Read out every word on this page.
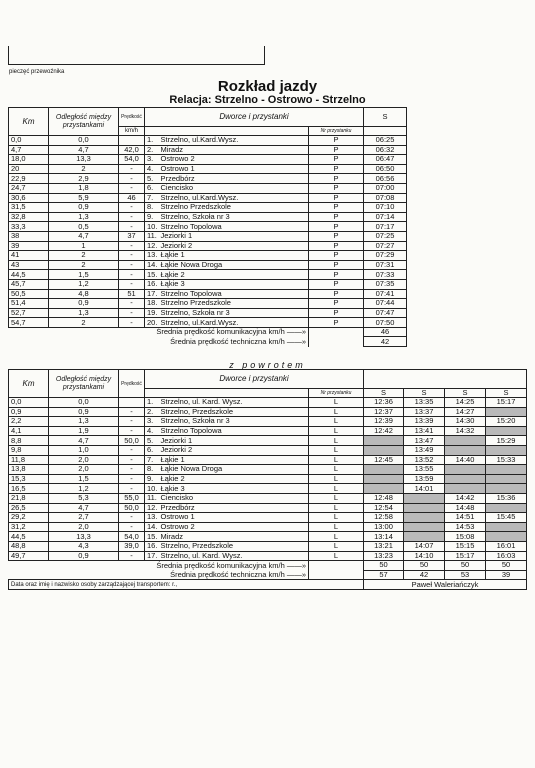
pieczęć przewoźnika
Rozkład jazdy
Relacja: Strzelno - Ostrowo - Strzelno
Km	Odległość między przystankami	Prędkość	Dworce i przystanki			S
		km/h			Nr przystanku	
0,0	0,0		1.	Strzelno, ul.Kard.Wysz.	P	06:25
4,7	4,7	42,0	2.	Miradz	P	06:32
18,0	13,3	54,0	3.	Ostrowo 2	P	06:47
20	2	-	4.	Ostrowo 1	P	06:50
22,9	2,9	-	5.	Przedbórz	P	06:56
24,7	1,8	-	6.	Ciencisko	P	07:00
30,6	5,9	46	7.	Strzelno, ul.Kard.Wysz.	P	07:08
31,5	0,9	-	8.	Strzelno Przedszkole	P	07:10
32,8	1,3	-	9.	Strzelno, Szkoła nr 3	P	07:14
33,3	0,5	-	10.	Strzelno Topolowa	P	07:17
38	4,7	37	11.	Jeziorki 1	P	07:25
39	1	-	12.	Jeziorki 2	P	07:27
41	2	-	13.	Łąkie 1	P	07:29
43	2	-	14.	Łąkie Nowa Droga	P	07:31
44,5	1,5	-	15.	Łąkie 2	P	07:33
45,7	1,2	-	16.	Łąkie 3	P	07:35
50,5	4,8	51	17.	Strzelno Topolowa	P	07:41
51,4	0,9	-	18.	Strzelno Przedszkole	P	07:44
52,7	1,3	-	19.	Strzelno, Szkoła nr 3	P	07:47
54,7	2	-	20.	Strzelno, ul.Kard.Wysz.	P	07:50
Średnia prędkość komunikacyjna km/h ——»						46
Średnia prędkość techniczna km/h ——»						42
z powrotem
Km	Odległość między przystankami	Prędkość	Dworce i przystanki						
					Nr przystanku	S	S	S	S
0,0	0,0		1.	Strzelno, ul. Kard. Wysz.	L	12:36	13:35	14:25	15:17
0,9	0,9	-	2.	Strzelno, Przedszkole	L	12:37	13:37	14:27	
2,2	1,3	-	3.	Strzelno, Szkoła nr 3	L	12:39	13:39	14:30	15:20
4,1	1,9	-	4.	Strzelno Topolowa	L	12:42	13:41	14:32	
8,8	4,7	50,0	5.	Jeziorki 1	L		13:47		15:29
9,8	1,0	-	6.	Jeziorki 2	L		13:49		
11,8	2,0	-	7.	Łąkie 1	L	12:45	13:52	14:40	15:33
13,8	2,0	-	8.	Łąkie Nowa Droga	L		13:55		
15,3	1,5	-	9.	Łąkie 2	L		13:59		
16,5	1,2	-	10.	Łąkie 3	L		14:01		
21,8	5,3	55,0	11.	Ciencisko	L	12:48		14:42	15:36
26,5	4,7	50,0	12.	Przedbórz	L	12:54		14:48	
29,2	2,7	-	13.	Ostrowo 1	L	12:58		14:51	15:45
31,2	2,0	-	14.	Ostrowo 2	L	13:00		14:53	
44,5	13,3	54,0	15.	Miradz	L	13:14		15:08	
48,8	4,3	39,0	16.	Strzelno, Przedszkole	L	13:21	14:07	15:15	16:01
49,7	0,9	-	17.	Strzelno, ul. Kard. Wysz.	L	13:23	14:10	15:17	16:03
Średnia prędkość komunikacyjna km/h ——»						50	50	50	50
Średnia prędkość techniczna km/h ——»						57	42	53	39
Data oraz imię i nazwisko osoby zarządzającej transportem: r.,						Paweł Waleriańczyk			
